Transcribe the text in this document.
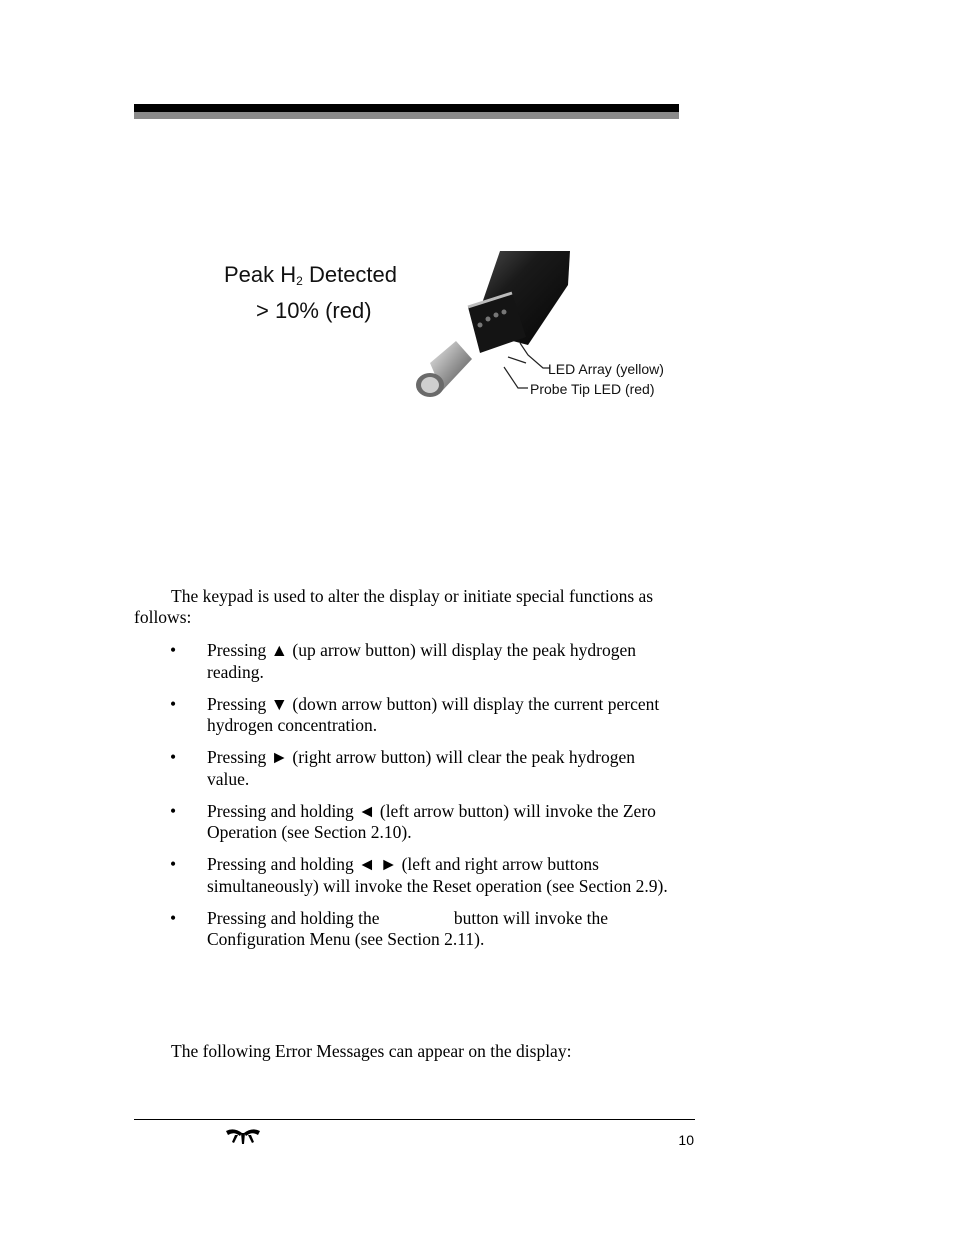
Peak $H_2$ Detected
> 10% (red)
LED Array (yellow)
Probe Tip LED (red)
The keypad is used to alter the display or initiate special functions as follows:
• Pressing ▲ (up arrow button) will display the peak hydrogen reading.
• Pressing ▼ (down arrow button) will display the current percent hydrogen concentration.
• Pressing ► (right arrow button) will clear the peak hydrogen value.
• Pressing and holding ◄ (left arrow button) will invoke the Zero Operation (see Section 2.10).
• Pressing and holding ◄ ► (left and right arrow buttons simultaneously) will invoke the Reset operation (see Section 2.9).
• Pressing and holding the                 button will invoke the Configuration Menu (see Section 2.11).
The following Error Messages can appear on the display:
10
